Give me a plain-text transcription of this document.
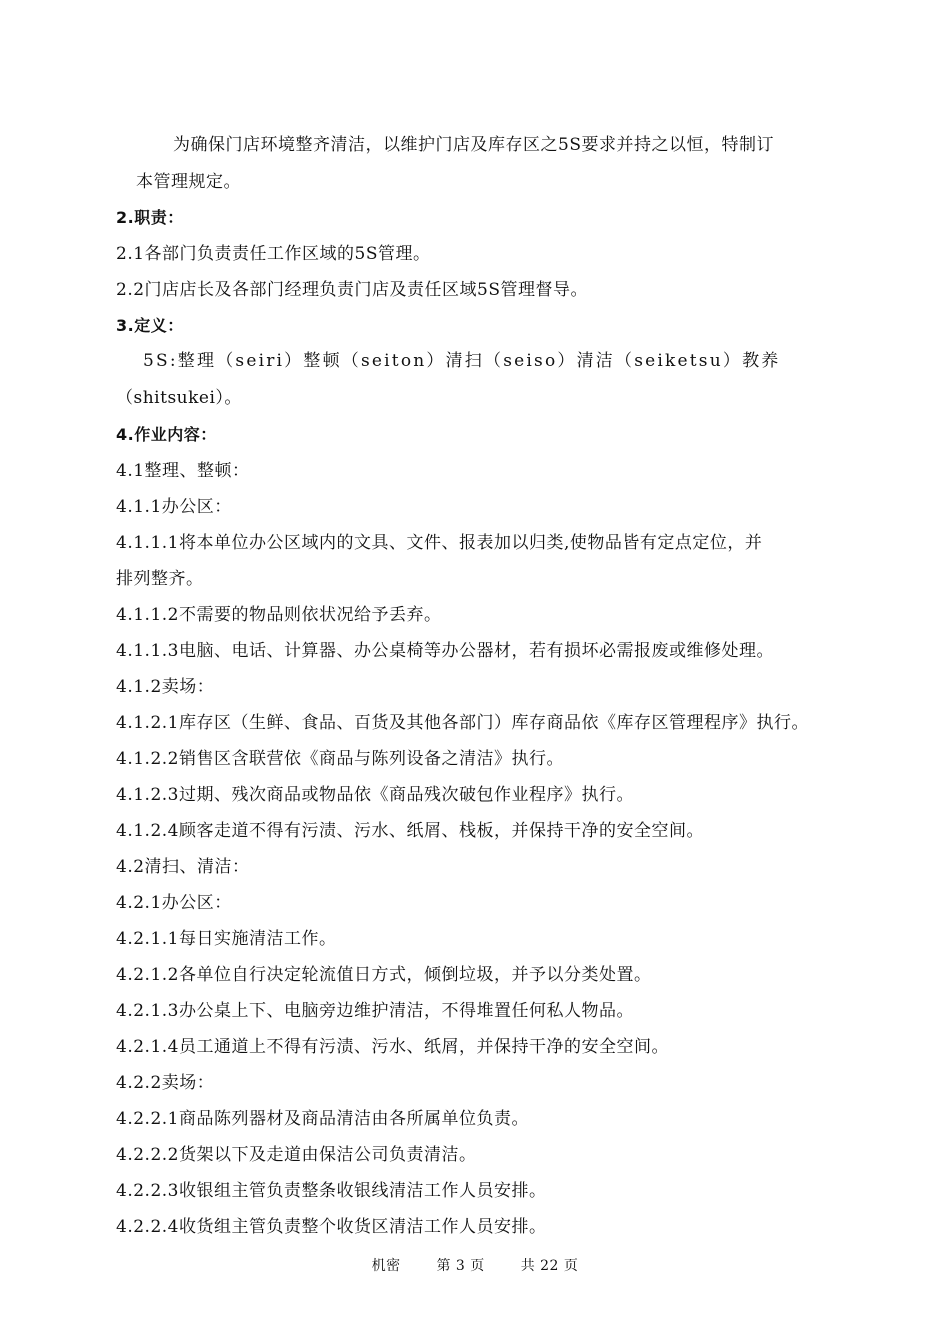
为确保门店环境整齐清洁，以维护门店及库存区之5S要求并持之以恒，特制订
本管理规定。
2.职责：
2.1各部门负责责任工作区域的5S管理。
2.2门店店长及各部门经理负责门店及责任区域5S管理督导。
3.定义：
5S:整理（seiri）整顿（seiton）清扫（seiso）清洁（seiketsu）教养
（shitsukei）。
4.作业内容：
4.1整理、整顿：
4.1.1办公区：
4.1.1.1将本单位办公区域内的文具、文件、报表加以归类,使物品皆有定点定位，并
排列整齐。
4.1.1.2不需要的物品则依状况给予丢弃。
4.1.1.3电脑、电话、计算器、办公桌椅等办公器材，若有损坏必需报废或维修处理。
4.1.2卖场：
4.1.2.1库存区（生鲜、食品、百货及其他各部门）库存商品依《库存区管理程序》执行。
4.1.2.2销售区含联营依《商品与陈列设备之清洁》执行。
4.1.2.3过期、残次商品或物品依《商品残次破包作业程序》执行。
4.1.2.4顾客走道不得有污渍、污水、纸屑、栈板，并保持干净的安全空间。
4.2清扫、清洁：
4.2.1办公区：
4.2.1.1每日实施清洁工作。
4.2.1.2各单位自行决定轮流值日方式，倾倒垃圾，并予以分类处置。
4.2.1.3办公桌上下、电脑旁边维护清洁，不得堆置任何私人物品。
4.2.1.4员工通道上不得有污渍、污水、纸屑，并保持干净的安全空间。
4.2.2卖场：
4.2.2.1商品陈列器材及商品清洁由各所属单位负责。
4.2.2.2货架以下及走道由保洁公司负责清洁。
4.2.2.3收银组主管负责整条收银线清洁工作人员安排。
4.2.2.4收货组主管负责整个收货区清洁工作人员安排。
机密	第 3 页	共 22 页
